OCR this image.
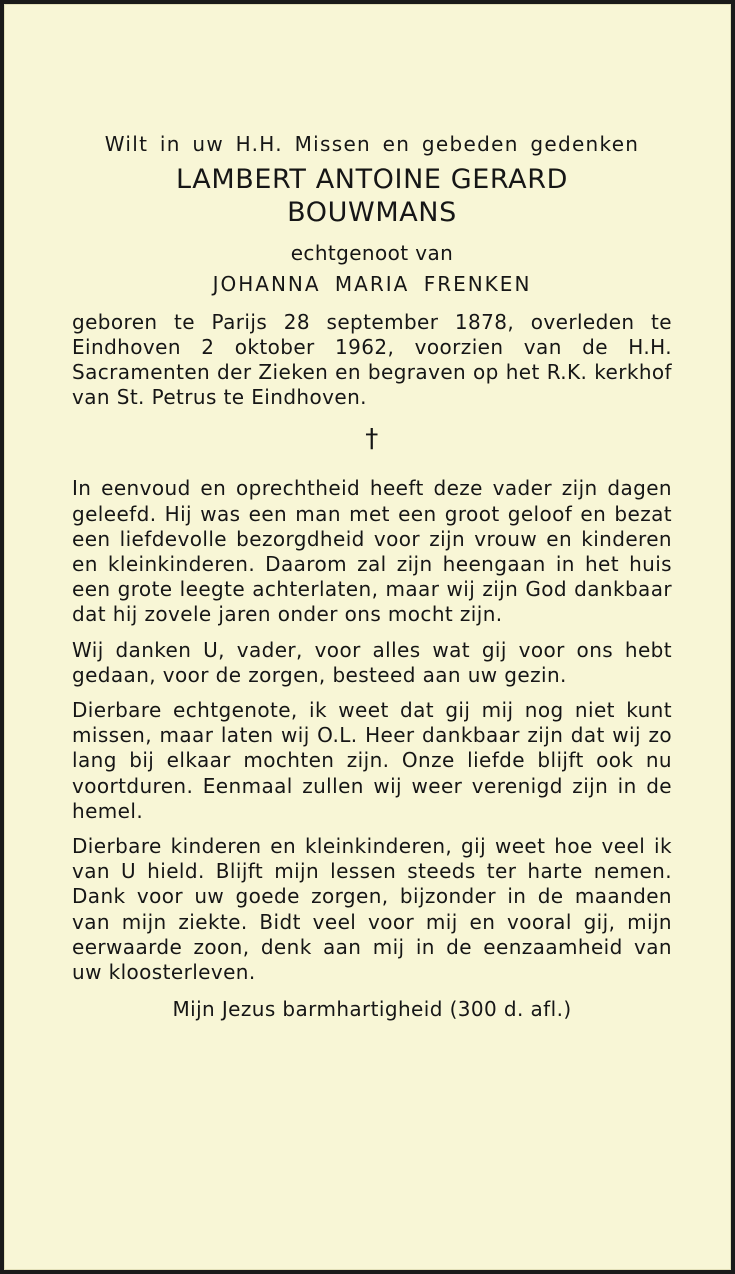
Wilt in uw H.H. Missen en gebeden gedenken
LAMBERT ANTOINE GERARD
BOUWMANS
echtgenoot van
JOHANNA MARIA FRENKEN
geboren te Parijs 28 september 1878, overleden te Eindhoven 2 oktober 1962, voorzien van de H.H. Sacramenten der Zieken en begraven op het R.K. kerkhof van St. Petrus te Eindhoven.
†
In eenvoud en oprechtheid heeft deze vader zijn dagen geleefd. Hij was een man met een groot geloof en bezat een liefdevolle bezorgdheid voor zijn vrouw en kinderen en kleinkinderen. Daarom zal zijn heengaan in het huis een grote leegte achterlaten, maar wij zijn God dankbaar dat hij zovele jaren onder ons mocht zijn.
Wij danken U, vader, voor alles wat gij voor ons hebt gedaan, voor de zorgen, besteed aan uw gezin.
Dierbare echtgenote, ik weet dat gij mij nog niet kunt missen, maar laten wij O.L. Heer dankbaar zijn dat wij zo lang bij elkaar mochten zijn. Onze liefde blijft ook nu voortduren. Eenmaal zullen wij weer verenigd zijn in de hemel.
Dierbare kinderen en kleinkinderen, gij weet hoe veel ik van U hield. Blijft mijn lessen steeds ter harte nemen. Dank voor uw goede zorgen, bijzonder in de maanden van mijn ziekte. Bidt veel voor mij en vooral gij, mijn eerwaarde zoon, denk aan mij in de eenzaamheid van uw kloosterleven.
Mijn Jezus barmhartigheid (300 d. afl.)
